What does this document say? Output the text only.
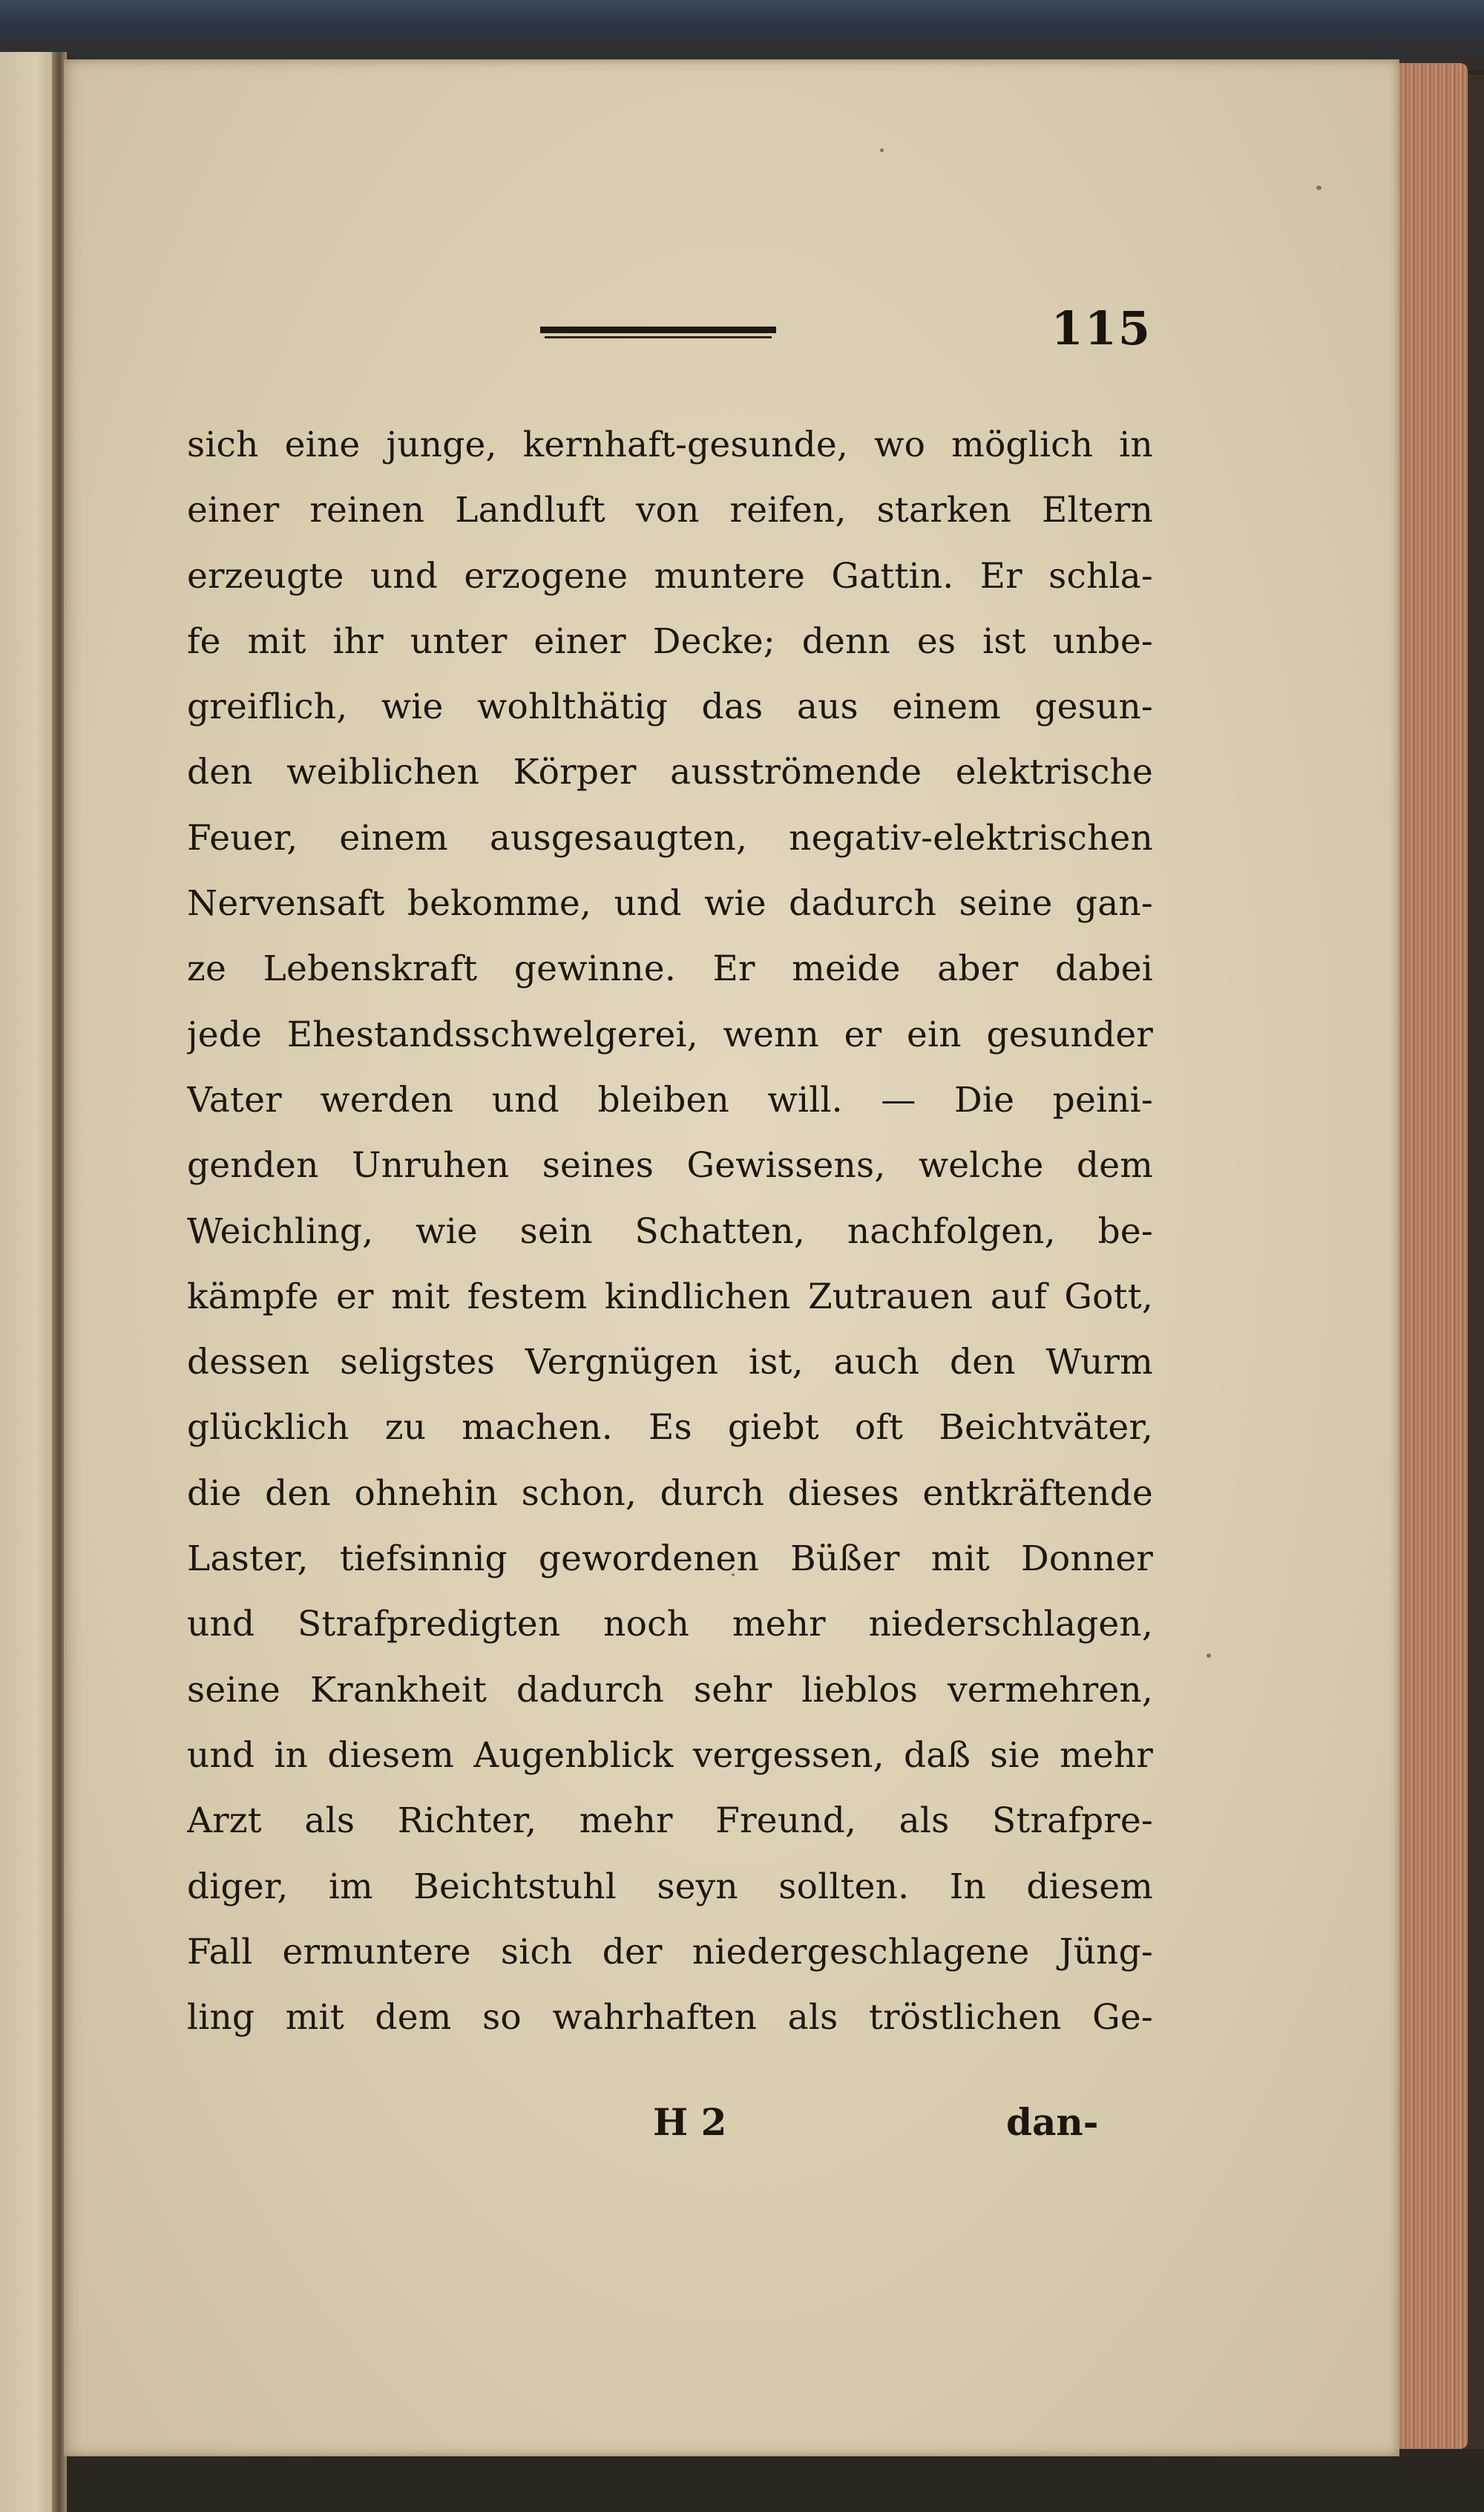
115
sich eine junge, kernhaft-gesunde, wo möglich in
einer reinen Landluft von reifen, starken Eltern
erzeugte und erzogene muntere Gattin. Er schla-
fe mit ihr unter einer Decke; denn es ist unbe-
greiflich, wie wohlthätig das aus einem gesun-
den weiblichen Körper ausströmende elektrische
Feuer, einem ausgesaugten, negativ-elektrischen
Nervensaft bekomme, und wie dadurch seine gan-
ze Lebenskraft gewinne. Er meide aber dabei
jede Ehestandsschwelgerei, wenn er ein gesunder
Vater werden und bleiben will. — Die peini-
genden Unruhen seines Gewissens, welche dem
Weichling, wie sein Schatten, nachfolgen, be-
kämpfe er mit festem kindlichen Zutrauen auf Gott,
dessen seligstes Vergnügen ist, auch den Wurm
glücklich zu machen. Es giebt oft Beichtväter,
die den ohnehin schon, durch dieses entkräftende
Laster, tiefsinnig gewordenen Büßer mit Donner
und Strafpredigten noch mehr niederschlagen,
seine Krankheit dadurch sehr lieblos vermehren,
und in diesem Augenblick vergessen, daß sie mehr
Arzt als Richter, mehr Freund, als Strafpre-
diger, im Beichtstuhl seyn sollten. In diesem
Fall ermuntere sich der niedergeschlagene Jüng-
ling mit dem so wahrhaften als tröstlichen Ge-
H 2	dan-
